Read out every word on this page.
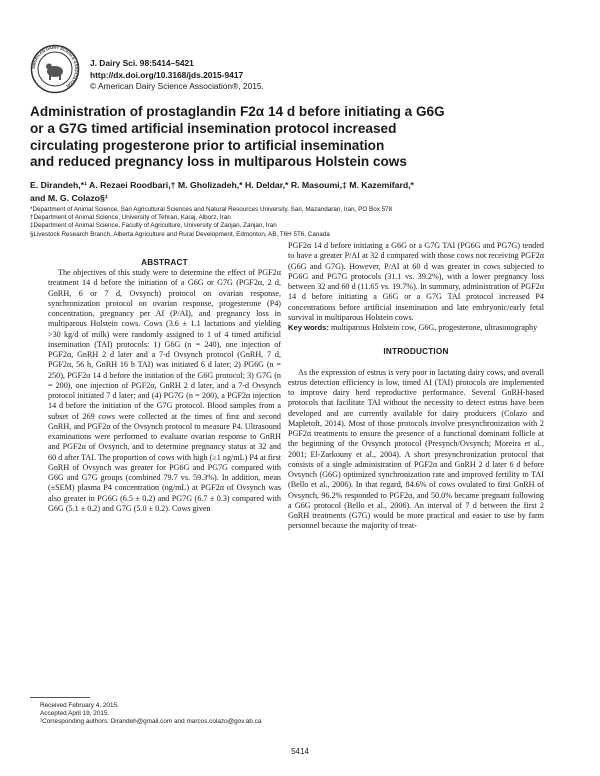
AMERICAN DAIRY SCIENCE ASSOCIATION
J. Dairy Sci. 98:5414–5421
http://dx.doi.org/10.3168/jds.2015-9417
© American Dairy Science Association®, 2015.
Administration of prostaglandin F2α 14 d before initiating a G6G
or a G7G timed artificial insemination protocol increased
circulating progesterone prior to artificial insemination
and reduced pregnancy loss in multiparous Holstein cows
E. Dirandeh,*¹ A. Rezaei Roodbari,† M. Gholizadeh,* H. Deldar,* R. Masoumi,‡ M. Kazemifard,*
and M. G. Colazo§¹
*Department of Animal Science, Sari Agricultural Sciences and Natural Resources University, Sari, Mazandaran, Iran, PO Box 578
†Department of Animal Science, University of Tehran, Karaj, Alborz, Iran
‡Department of Animal Science, Faculty of Agriculture, University of Zanjan, Zanjan, Iran
§Livestock Research Branch, Alberta Agriculture and Rural Development, Edmonton, AB, T6H 5T6, Canada
ABSTRACT

The objectives of this study were to determine the effect of PGF2α treatment 14 d before the initiation of a G6G or G7G (PGF2α, 2 d, GnRH, 6 or 7 d, Ovsynch) protocol on ovarian response, synchronization protocol on ovarian response, progesterone (P4) concentration, pregnancy per AI (P/AI), and pregnancy loss in multiparous Holstein cows. Cows (3.6 ± 1.1 lactations and yielding >30 kg/d of milk) were randomly assigned to 1 of 4 timed artificial insemination (TAI) protocols: 1) G6G (n = 240), one injection of PGF2α, GnRH 2 d later and a 7-d Ovsynch protocol (GnRH, 7 d, PGF2α, 56 h, GnRH 16 h TAI) was initiated 6 d later; 2) PG6G (n = 250), PGF2α 14 d before the initiation of the G6G protocol; 3) G7G (n = 200), one injection of PGF2α, GnRH 2 d later, and a 7-d Ovsynch protocol initiated 7 d later; and (4) PG7G (n = 200), a PGF2α injection 14 d before the initiation of the G7G protocol. Blood samples from a subset of 269 cows were collected at the times of first and second GnRH, and PGF2α of the Ovsynch protocol to measure P4. Ultrasound examinations were performed to evaluate ovarian response to GnRH and PGF2α of Ovsynch, and to determine pregnancy status at 32 and 60 d after TAI. The proportion of cows with high (≥1 ng/mL) P4 at first GnRH of Ovsynch was greater for PG6G and PG7G compared with G6G and G7G groups (combined 79.7 vs. 59.3%). In addition, mean (±SEM) plasma P4 concentration (ng/mL) at PGF2α of Ovsynch was also greater in PG6G (6.5 ± 0.2) and PG7G (6.7 ± 0.3) compared with G6G (5.1 ± 0.2) and G7G (5.0 ± 0.2). Cows given

PGF2α 14 d before initiating a G6G or a G7G TAI (PG6G and PG7G) tended to have a greater P/AI at 32 d compared with those cows not receiving PGF2α (G6G and G7G). However, P/AI at 60 d was greater in cows subjected to PG6G and PG7G protocols (31.1 vs. 39.2%), with a lower pregnancy loss between 32 and 60 d (11.65 vs. 19.7%). In summary, administration of PGF2α 14 d before initiating a G6G or a G7G TAI protocol increased P4 concentrations before artificial insemination and late embryonic/early fetal survival in multiparous Holstein cows.

Key words: multiparous Holstein cow, G6G, progesterone, ultrasonography

INTRODUCTION

As the expression of estrus is very poor in lactating dairy cows, and overall estrus detection efficiency is low, timed AI (TAI) protocols are implemented to improve dairy herd reproductive performance. Several GnRH-based protocols that facilitate TAI without the necessity to detect estrus have been developed and are currently available for dairy producers (Colazo and Mapletoft, 2014). Most of those protocols involve presynchronization with 2 PGF2α treatments to ensure the presence of a functional dominant follicle at the beginning of the Ovsynch protocol (Presynch/Ovsynch; Moreira et al., 2001; El-Zarkouny et al., 2004). A short presynchronization protocol that consists of a single administration of PGF2α and GnRH 2 d later 6 d before Ovsynch (G6G) optimized synchronization rate and improved fertility to TAI (Bello et al., 2006). In that regard, 84.6% of cows ovulated to first GnRH of Ovsynch, 96.2% responded to PGF2α, and 50.0% became pregnant following a G6G protocol (Bello et al., 2006). An interval of 7 d between the first 2 GnRH treatments (G7G) would be more practical and easier to use by farm personnel because the majority of treat-

Received February 4, 2015.
Accepted April 19, 2015.
¹Corresponding authors: Dirandeh@gmail.com and marcos.colazo@gov.ab.ca
5414
